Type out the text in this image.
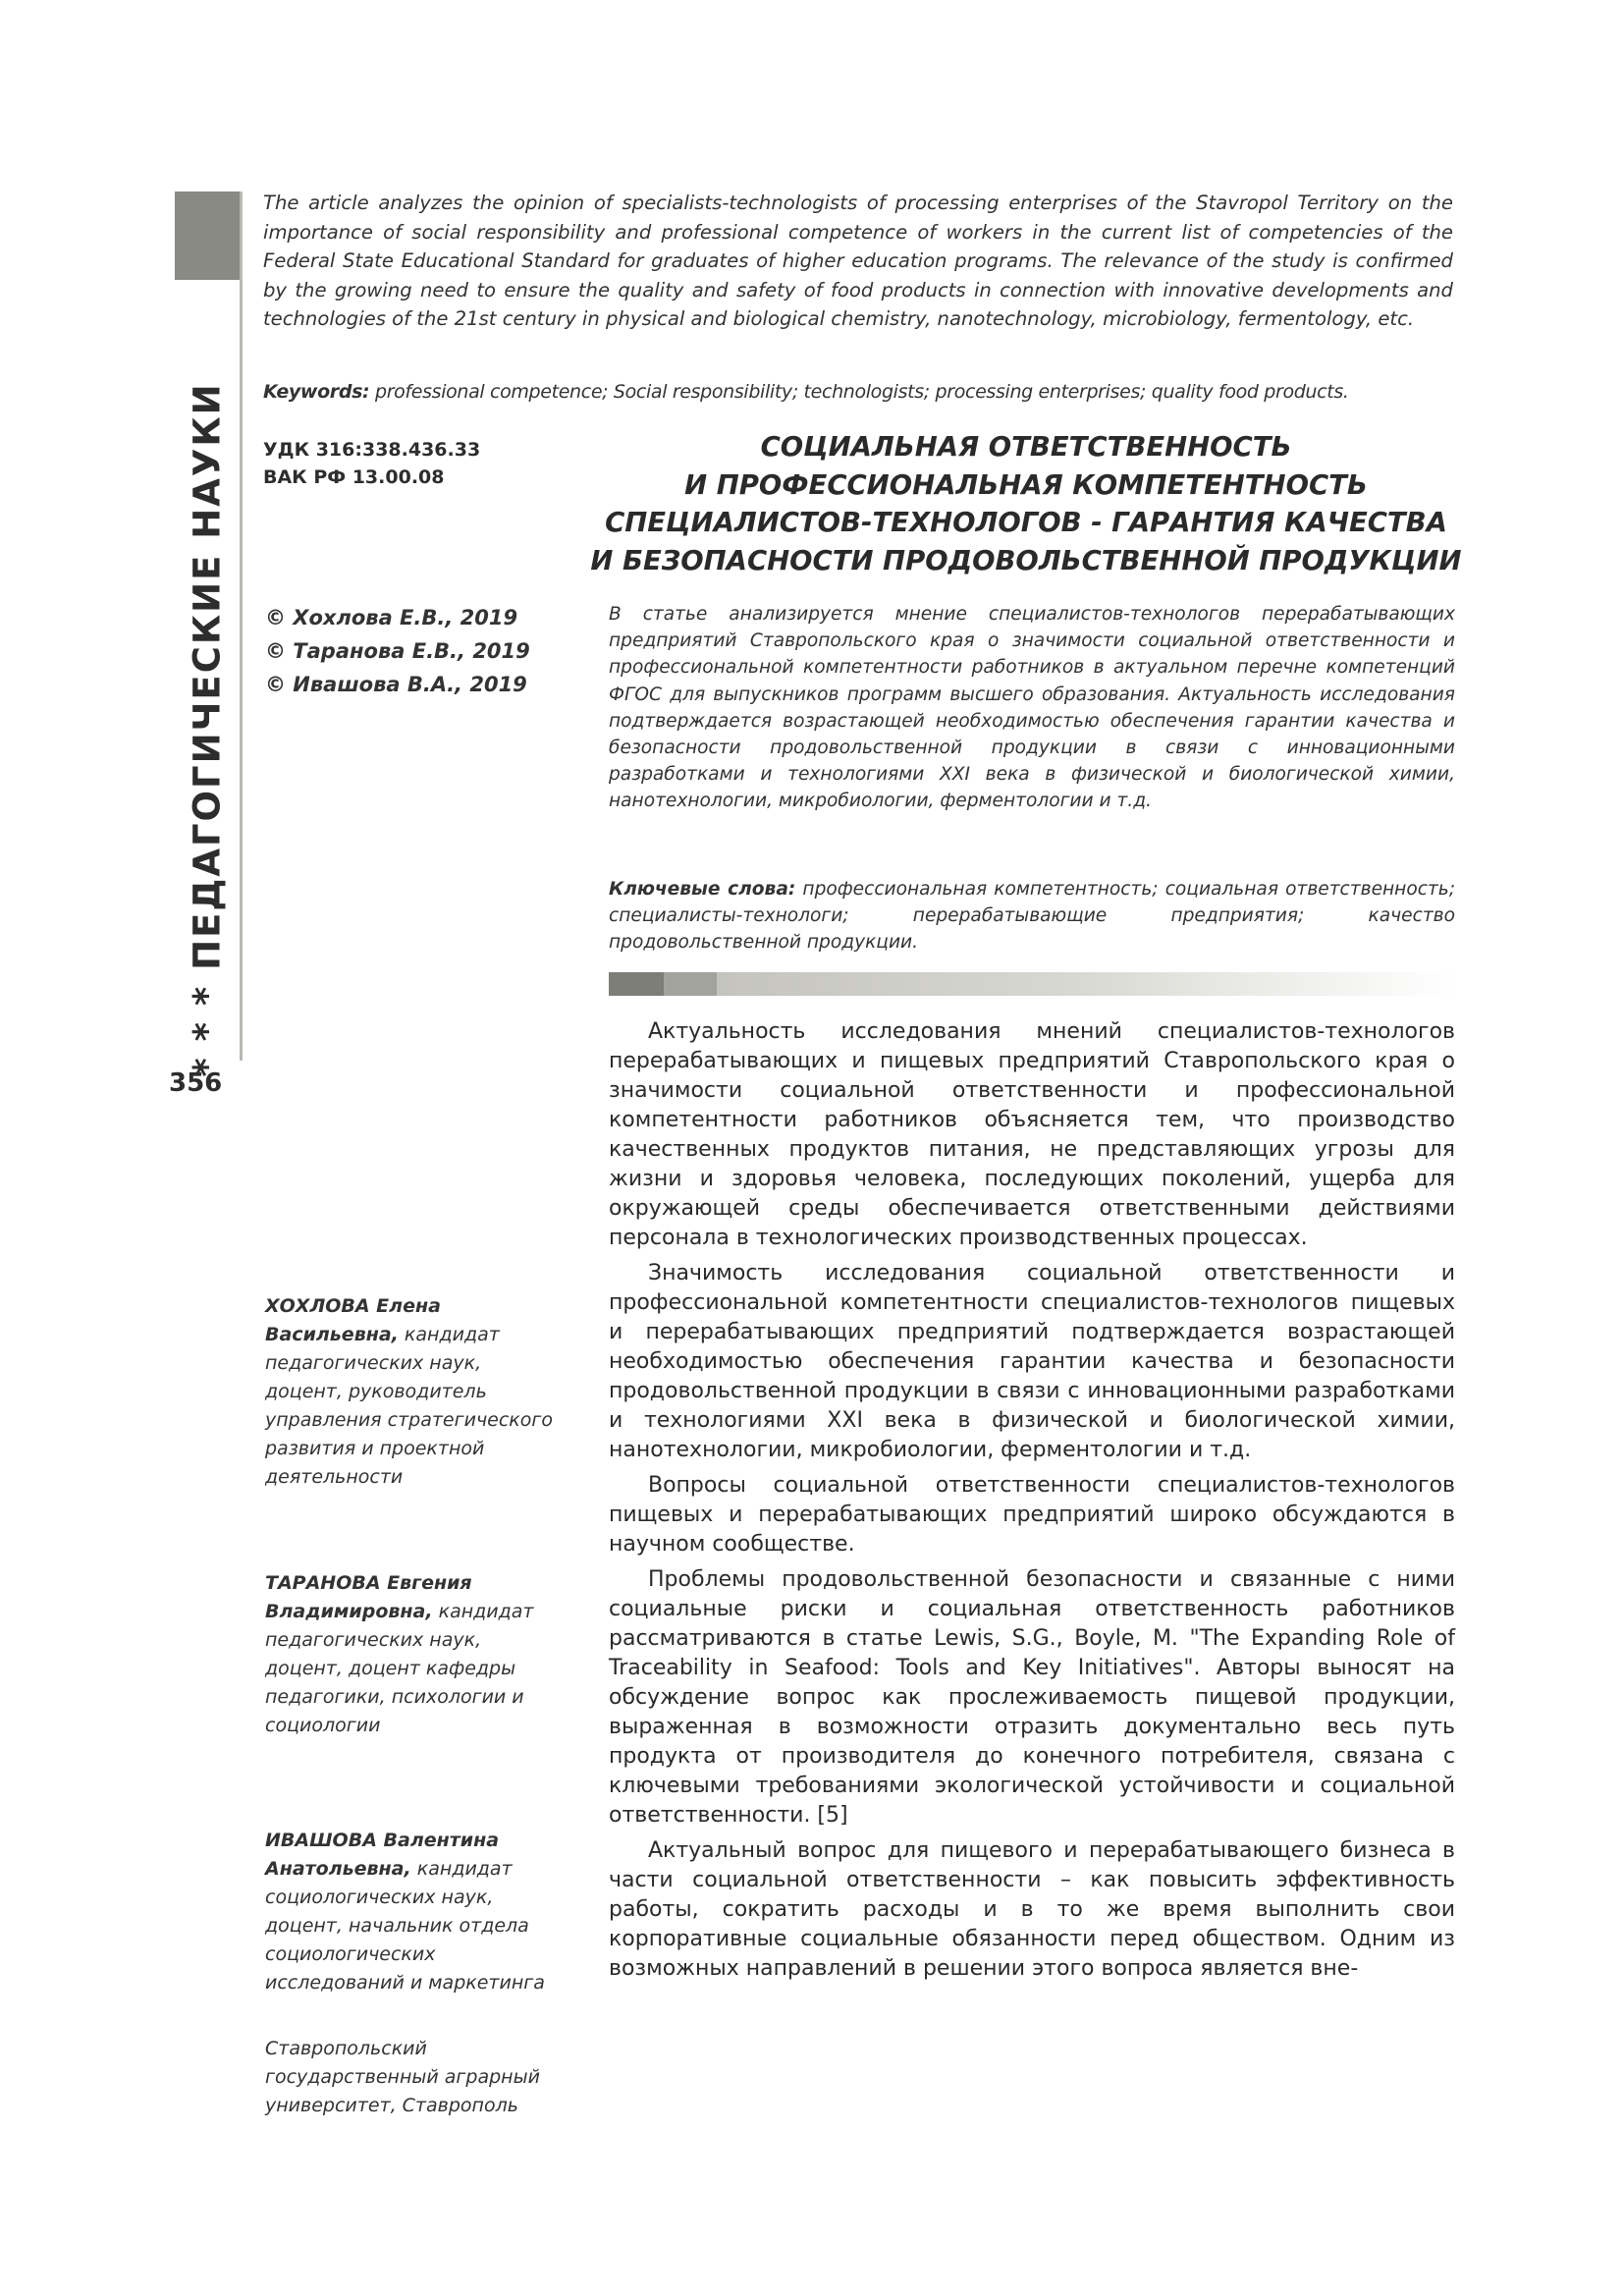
* * * ПЕДАГОГИЧЕСКИЕ НАУКИ
356
The article analyzes the opinion of specialists-technologists of processing enterprises of the Stavropol Territory on the importance of social responsibility and professional competence of workers in the current list of competencies of the Federal State Educational Standard for graduates of higher education programs. The relevance of the study is confirmed by the growing need to ensure the quality and safety of food products in connection with innovative developments and technologies of the 21st century in physical and biological chemistry, nanotechnology, microbiology, fermentology, etc.
Keywords: professional competence; Social responsibility; technologists; processing enterprises; quality food products.
УДК 316:338.436.33
ВАК РФ 13.00.08
СОЦИАЛЬНАЯ ОТВЕТСТВЕННОСТЬ
И ПРОФЕССИОНАЛЬНАЯ КОМПЕТЕНТНОСТЬ
СПЕЦИАЛИСТОВ-ТЕХНОЛОГОВ - ГАРАНТИЯ КАЧЕСТВА
И БЕЗОПАСНОСТИ ПРОДОВОЛЬСТВЕННОЙ ПРОДУКЦИИ
© Хохлова Е.В., 2019
© Таранова Е.В., 2019
© Ивашова В.А., 2019
В статье анализируется мнение специалистов-технологов перерабатывающих предприятий Ставропольского края о значимости социальной ответственности и профессиональной компетентности работников в актуальном перечне компетенций ФГОС для выпускников программ высшего образования. Актуальность исследования подтверждается возрастающей необходимостью обеспечения гарантии качества и безопасности продовольственной продукции в связи с инновационными разработками и технологиями XXI века в физической и биологической химии, нанотехнологии, микробиологии, ферментологии и т.д.
Ключевые слова: профессиональная компетентность; социальная ответственность; специалисты-технологи; перерабатывающие предприятия; качество продовольственной продукции.

Актуальность исследования мнений специалистов-технологов перерабатывающих и пищевых предприятий Ставропольского края о значимости социальной ответственности и профессиональной компетентности работников объясняется тем, что производство качественных продуктов питания, не представляющих угрозы для жизни и здоровья человека, последующих поколений, ущерба для окружающей среды обеспечивается ответственными действиями персонала в технологических производственных процессах.

Значимость исследования социальной ответственности и профессиональной компетентности специалистов-технологов пищевых и перерабатывающих предприятий подтверждается возрастающей необходимостью обеспечения гарантии качества и безопасности продовольственной продукции в связи с инновационными разработками и технологиями XXI века в физической и биологической химии, нанотехнологии, микробиологии, ферментологии и т.д.

Вопросы социальной ответственности специалистов-технологов пищевых и перерабатывающих предприятий широко обсуждаются в научном сообществе.

Проблемы продовольственной безопасности и связанные с ними социальные риски и социальная ответственность работников рассматриваются в статье Lewis, S.G., Boyle, M. "The Expanding Role of Traceability in Seafood: Tools and Key Initiatives". Авторы выносят на обсуждение вопрос как прослеживаемость пищевой продукции, выраженная в возможности отразить документально весь путь продукта от производителя до конечного потребителя, связана с ключевыми требованиями экологической устойчивости и социальной ответственности. [5]

Актуальный вопрос для пищевого и перерабатывающего бизнеса в части социальной ответственности – как повысить эффективность работы, сократить расходы и в то же время выполнить свои корпоративные социальные обязанности перед обществом. Одним из возможных направлений в решении этого вопроса является вне-

ХОХЛОВА Елена Васильевна, кандидат педагогических наук, доцент, руководитель управления стратегического развития и проектной деятельности
ТАРАНОВА Евгения Владимировна, кандидат педагогических наук, доцент, доцент кафедры педагогики, психологии и социологии
ИВАШОВА Валентина Анатольевна, кандидат социологических наук, доцент, начальник отдела социологических исследований и маркетинга
Ставропольский государственный аграрный университет, Ставрополь
